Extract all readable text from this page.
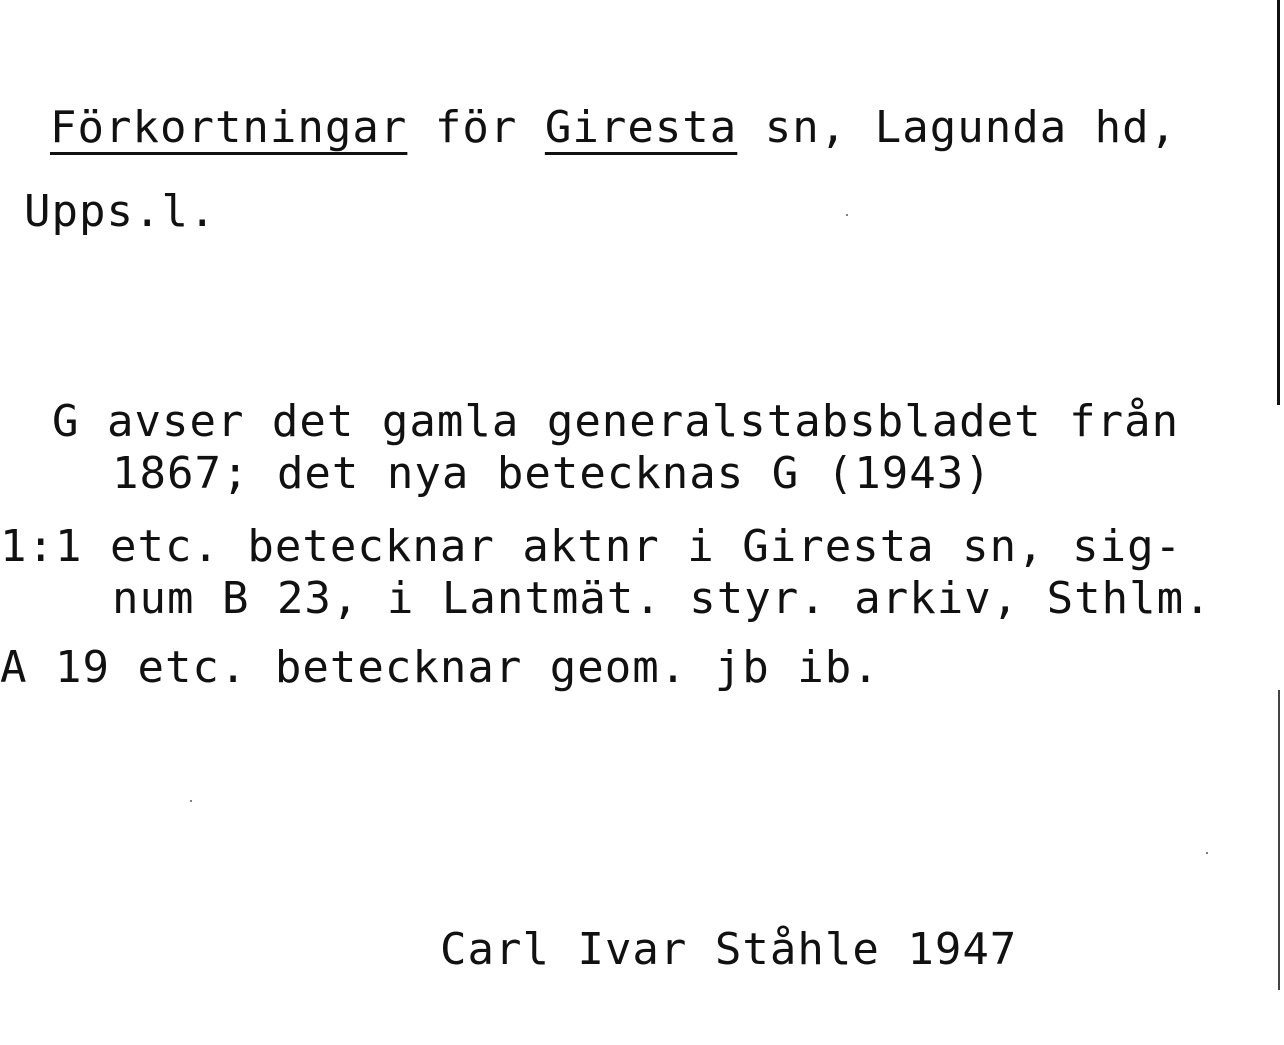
Förkortningar för Giresta sn, Lagunda hd,
Upps.l.
G avser det gamla generalstabsbladet från
1867; det nya betecknas G (1943)
1:1 etc. betecknar aktnr i Giresta sn, sig-
num B 23, i Lantmät. styr. arkiv, Sthlm.
A 19 etc. betecknar geom. jb ib.
Carl Ivar Ståhle 1947
